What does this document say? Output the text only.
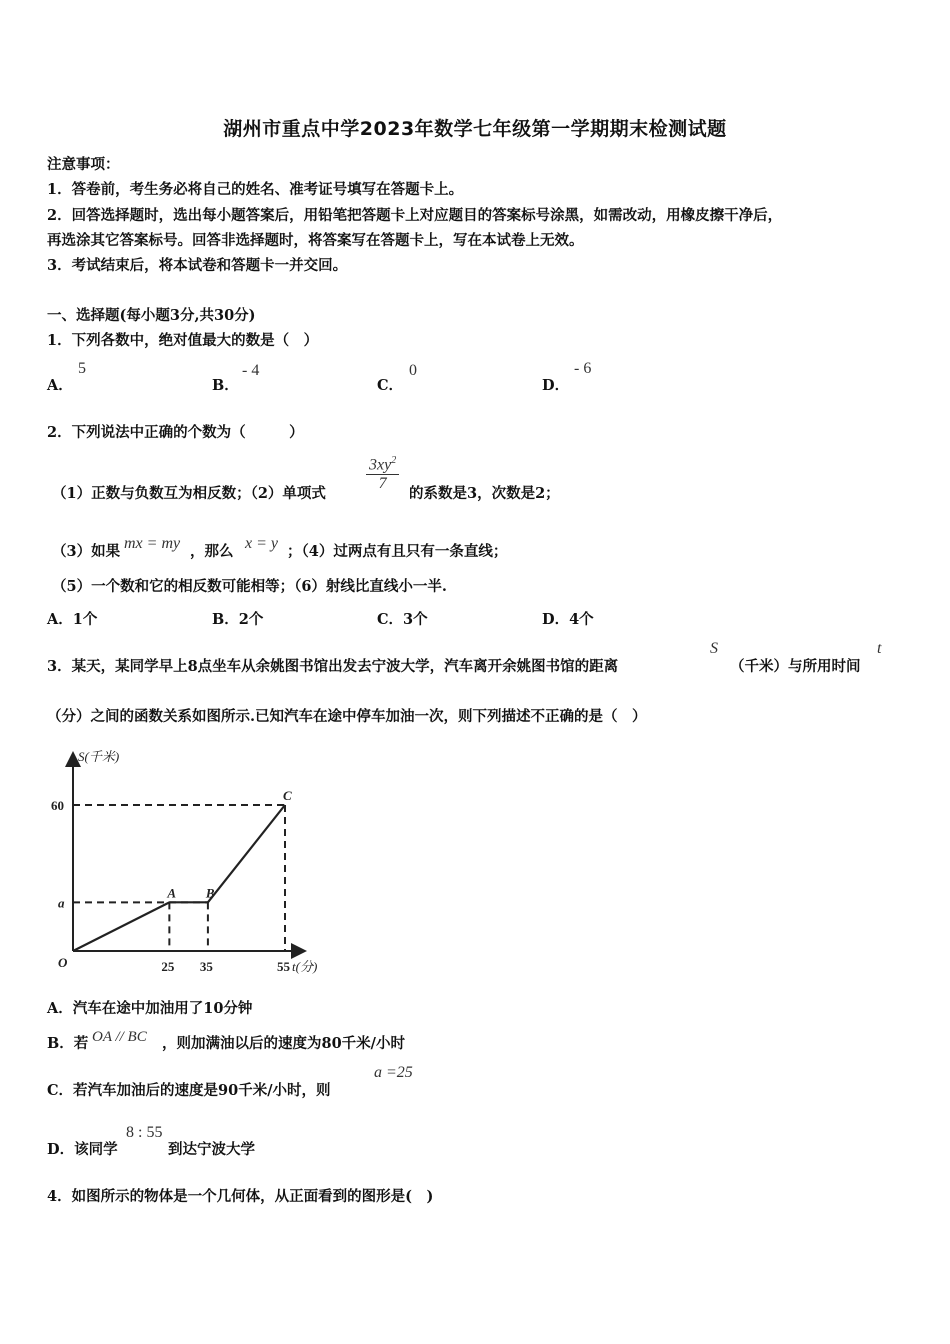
湖州市重点中学2023年数学七年级第一学期期末检测试题
注意事项：
1．答卷前，考生务必将自己的姓名、准考证号填写在答题卡上。
2．回答选择题时，选出每小题答案后，用铅笔把答题卡上对应题目的答案标号涂黑，如需改动，用橡皮擦干净后，
再选涂其它答案标号。回答非选择题时，将答案写在答题卡上，写在本试卷上无效。
3．考试结束后，将本试卷和答题卡一并交回。
一、选择题(每小题3分,共30分)
1．下列各数中，绝对值最大的数是（　）
A．
5
B．
- 4
C．
0
D．
- 6
2．下列说法中正确的个数为（　　　）
（1）正数与负数互为相反数；（2）单项式
$\frac{3xy^2}{7}$
的系数是3，次数是2；
（3）如果 mx = my ，那么 x = y ；（4）过两点有且只有一条直线；
（5）一个数和它的相反数可能相等；（6）射线比直线小一半.
A．1个	B．2个	C．3个	D．4个
3．某天，某同学早上8点坐车从余姚图书馆出发去宁波大学，汽车离开余姚图书馆的距离
S
（千米）与所用时间
t
（分）之间的函数关系如图所示.已知汽车在途中停车加油一次，则下列描述不正确的是（　）
S(千米)
t(分)
O
A B
C
25 35	55
a
60
A．汽车在途中加油用了10分钟
B．若 OA // BC ，则加满油以后的速度为80千米/小时
C．若汽车加油后的速度是90千米/小时，则
a =25
D．该同学
8 : 55
到达宁波大学
4．如图所示的物体是一个几何体，从正面看到的图形是(　)
